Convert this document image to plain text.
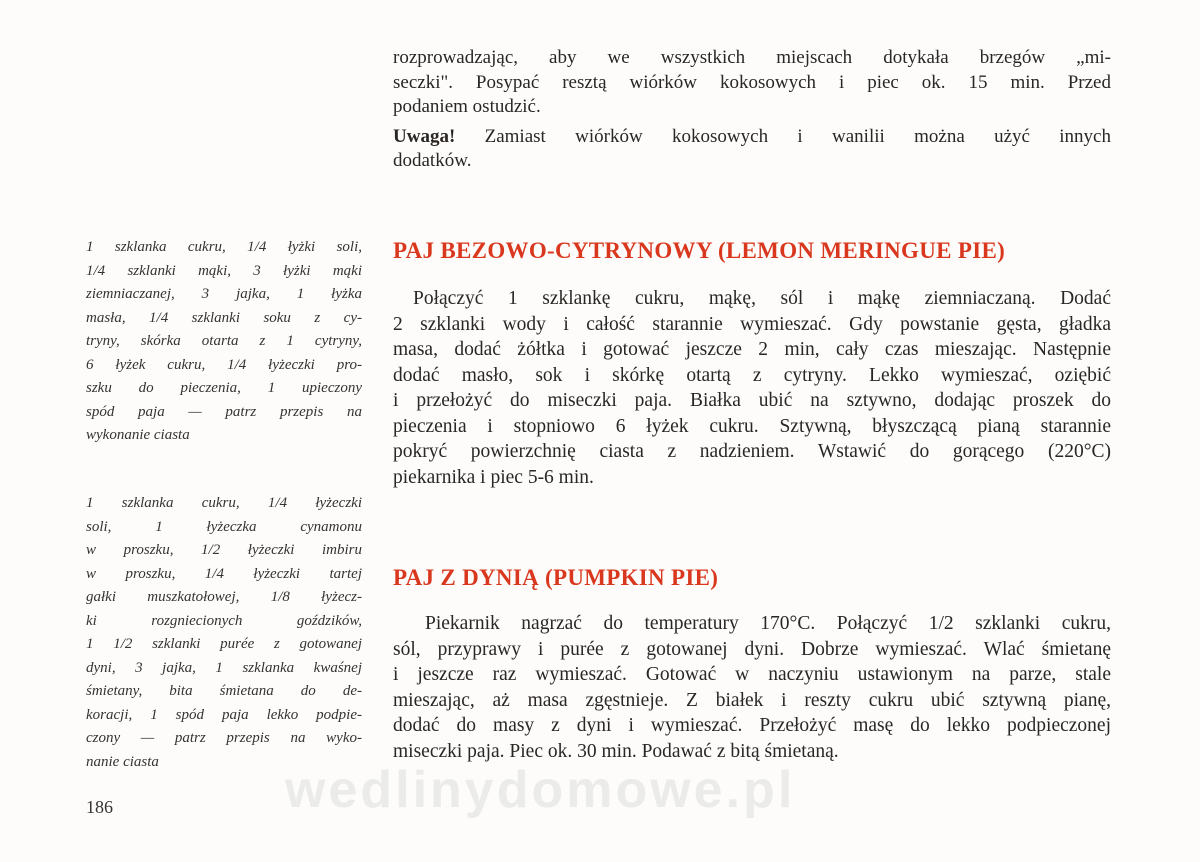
rozprowadzając, aby we wszystkich miejscach dotykała brzegów „mi-
seczki". Posypać resztą wiórków kokosowych i piec ok. 15 min. Przed
podaniem ostudzić.

Uwaga! Zamiast wiórków kokosowych i wanilii można użyć innych
dodatków.

PAJ BEZOWO-CYTRYNOWY (LEMON MERINGUE PIE)

Połączyć 1 szklankę cukru, mąkę, sól i mąkę ziemniaczaną. Dodać
2 szklanki wody i całość starannie wymieszać. Gdy powstanie gęsta, gładka
masa, dodać żółtka i gotować jeszcze 2 min, cały czas mieszając. Następnie
dodać masło, sok i skórkę otartą z cytryny. Lekko wymieszać, oziębić
i przełożyć do miseczki paja. Białka ubić na sztywno, dodając proszek do
pieczenia i stopniowo 6 łyżek cukru. Sztywną, błyszczącą pianą starannie
pokryć powierzchnię ciasta z nadzieniem. Wstawić do gorącego (220°C)
piekarnika i piec 5-6 min.

1 szklanka cukru, 1/4 łyżki soli,
1/4 szklanki mąki, 3 łyżki mąki
ziemniaczanej, 3 jajka, 1 łyżka
masła, 1/4 szklanki soku z cy-
tryny, skórka otarta z 1 cytryny,
6 łyżek cukru, 1/4 łyżeczki pro-
szku do pieczenia, 1 upieczony
spód paja — patrz przepis na
wykonanie ciasta
PAJ Z DYNIĄ (PUMPKIN PIE)

Piekarnik nagrzać do temperatury 170°C. Połączyć 1/2 szklanki cukru,
sól, przyprawy i purée z gotowanej dyni. Dobrze wymieszać. Wlać śmietanę
i jeszcze raz wymieszać. Gotować w naczyniu ustawionym na parze, stale
mieszając, aż masa zgęstnieje. Z białek i reszty cukru ubić sztywną pianę,
dodać do masy z dyni i wymieszać. Przełożyć masę do lekko podpieczonej
miseczki paja. Piec ok. 30 min. Podawać z bitą śmietaną.

1 szklanka cukru, 1/4 łyżeczki
soli, 1 łyżeczka cynamonu
w proszku, 1/2 łyżeczki imbiru
w proszku, 1/4 łyżeczki tartej
gałki muszkatołowej, 1/8 łyżecz-
ki rozgniecionych goździków,
1 1/2 szklanki purée z gotowanej
dyni, 3 jajka, 1 szklanka kwaśnej
śmietany, bita śmietana do de-
koracji, 1 spód paja lekko podpie-
czony — patrz przepis na wyko-
nanie ciasta	wedlinydomowe.pl
186
